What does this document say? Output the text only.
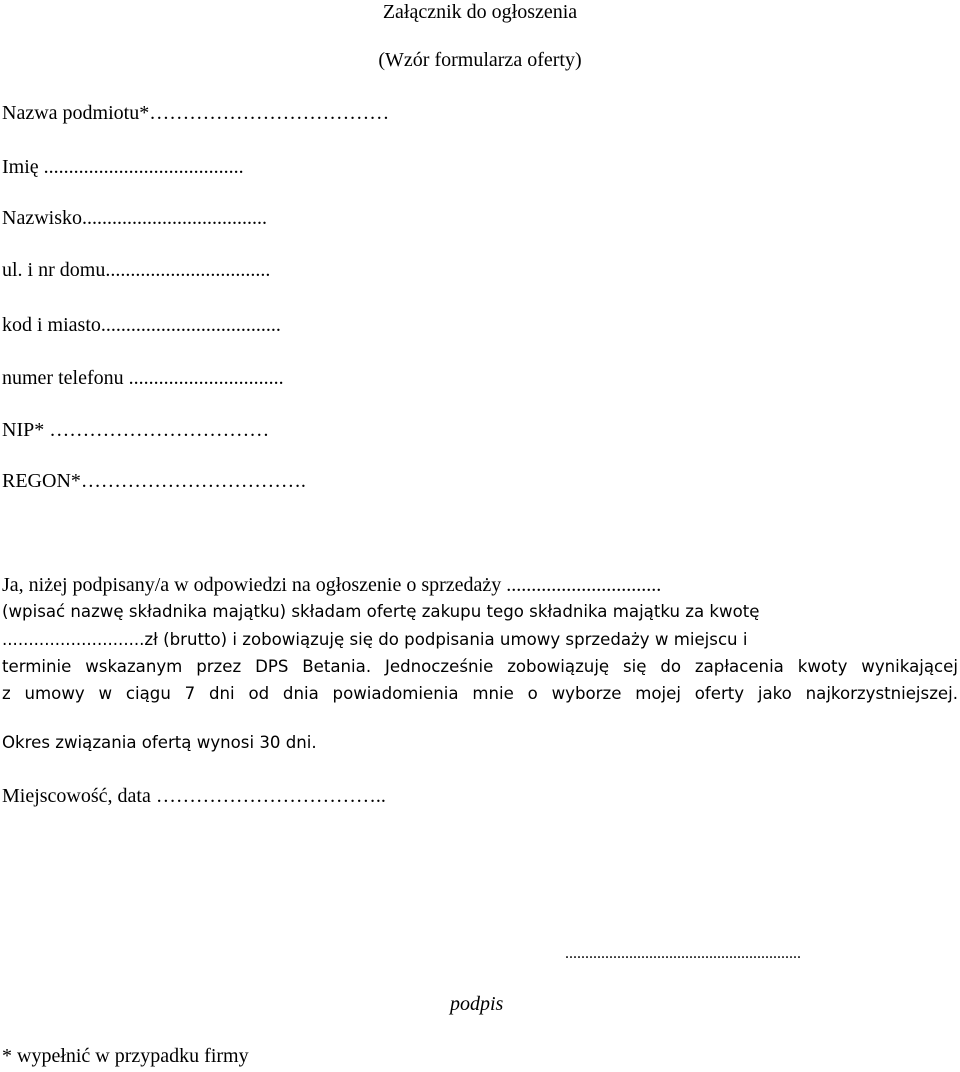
Załącznik do ogłoszenia
(Wzór formularza oferty)
Nazwa podmiotu*………………………………
Imię ........................................
Nazwisko.....................................
ul. i nr domu.................................
kod i miasto....................................
numer telefonu ...............................
NIP* ……………………………
REGON*…………………………….
Ja, niżej podpisany/a w odpowiedzi na ogłoszenie o sprzedaży ...............................
(wpisać nazwę składnika majątku) składam ofertę zakupu tego składnika majątku za kwotę
...........................zł (brutto) i zobowiązuję się do podpisania umowy sprzedaży w miejscu i
terminie wskazanym przez DPS Betania. Jednocześnie zobowiązuję się do zapłacenia kwoty wynikającej
z umowy w ciągu 7 dni od dnia powiadomienia mnie o wyborze mojej oferty jako najkorzystniejszej.
Okres związania ofertą wynosi 30 dni.
Miejscowość, data ……………………………..
...........................................................
podpis
* wypełnić w przypadku firmy
